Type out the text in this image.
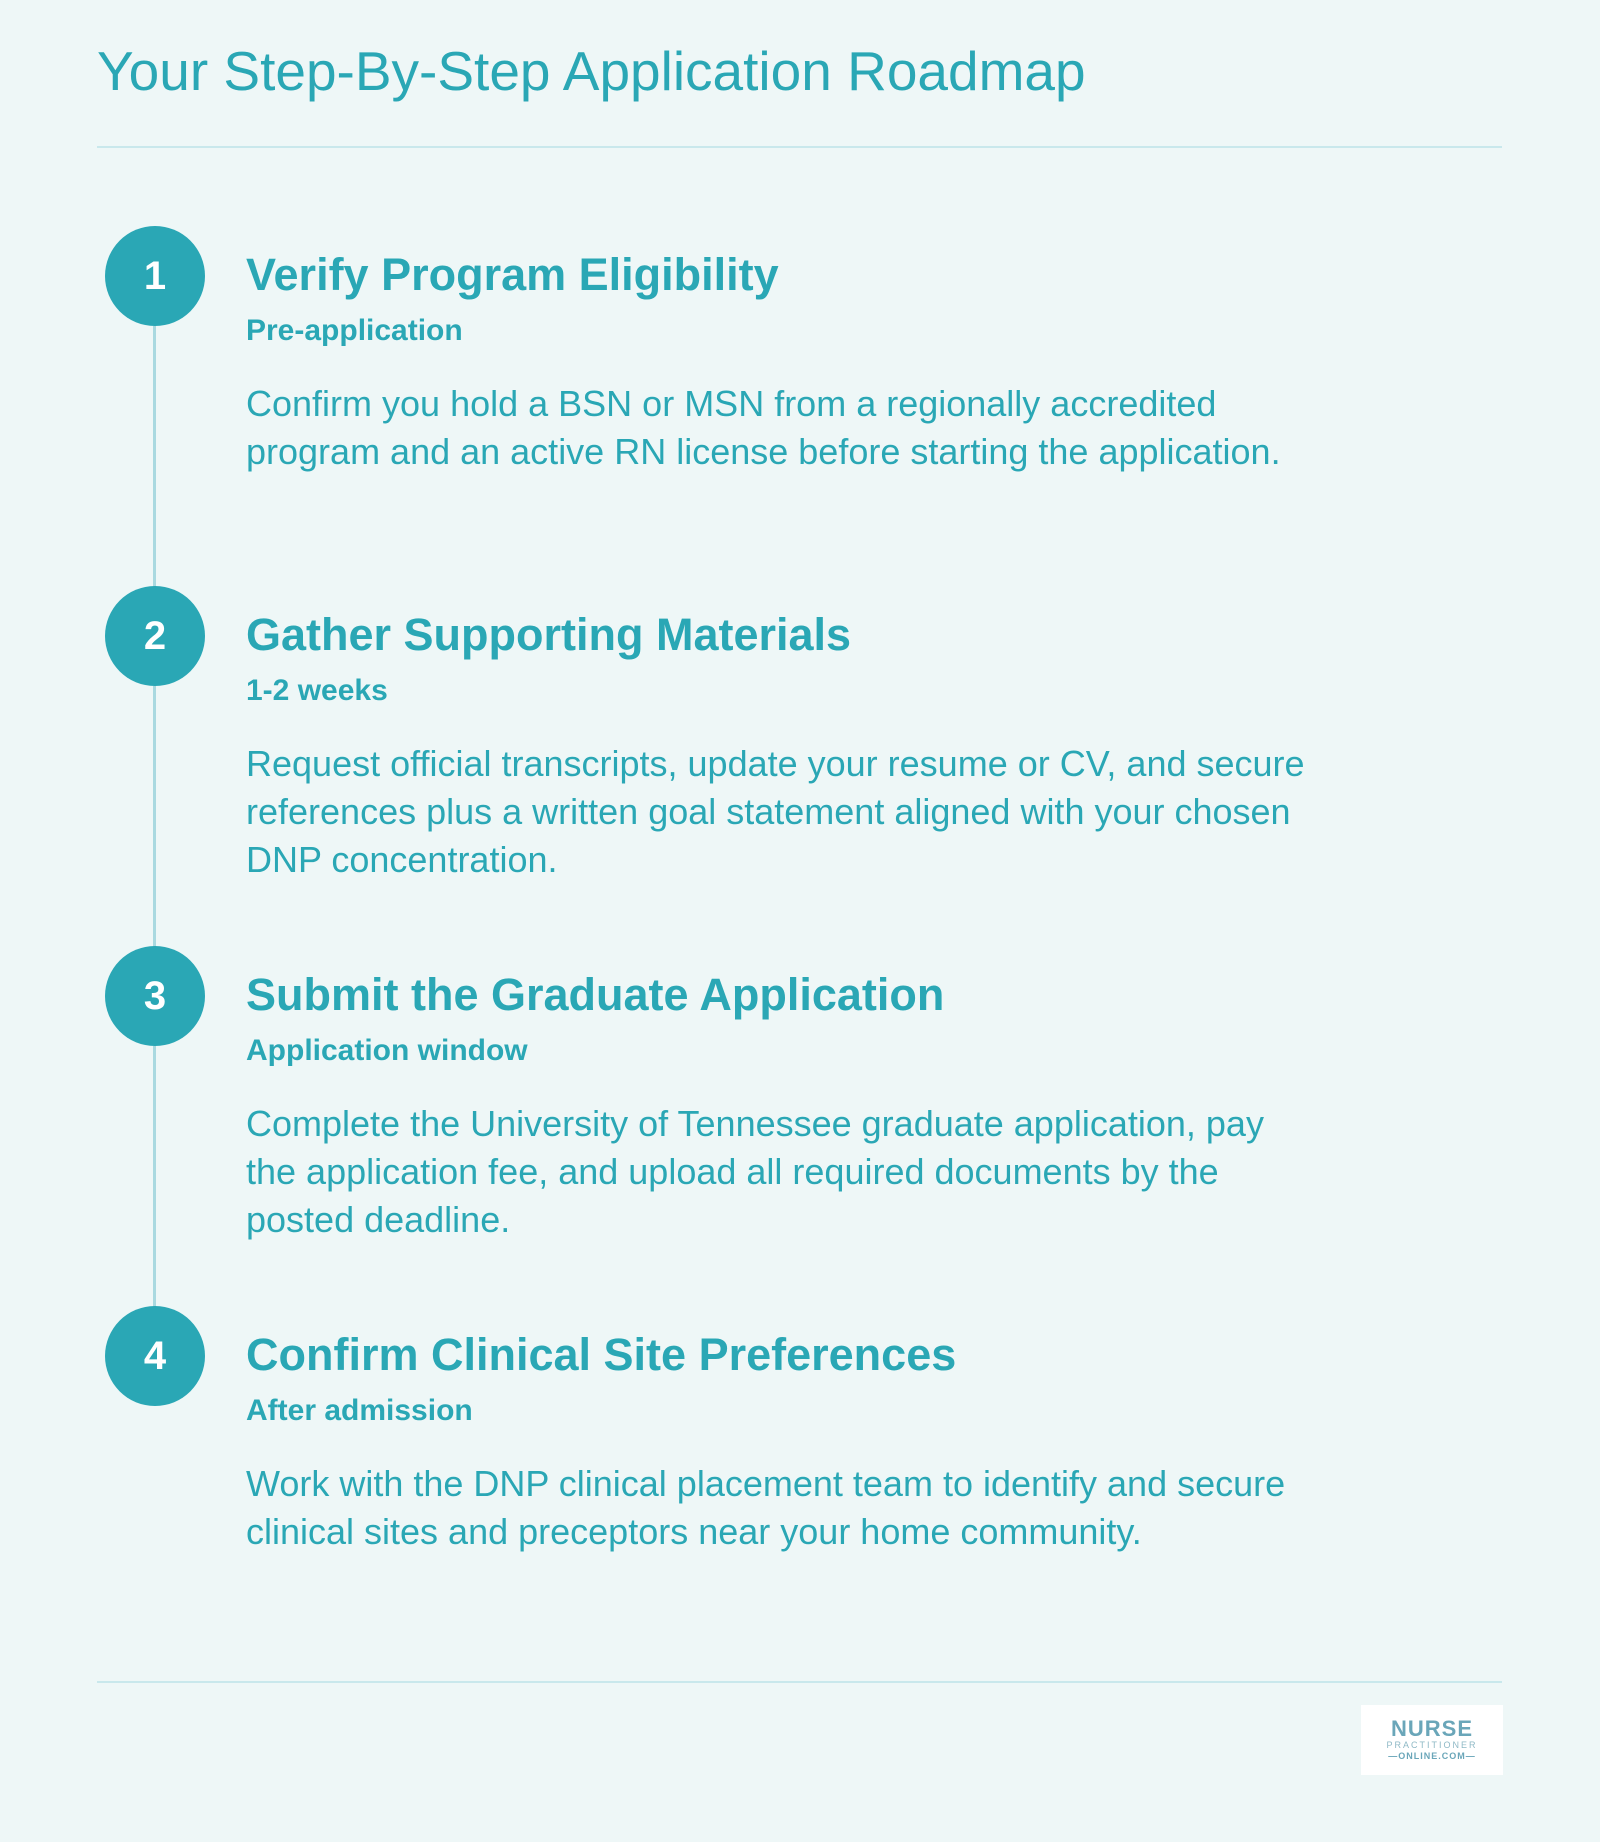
Your Step-By-Step Application Roadmap
1	Verify Program Eligibility
Pre-application

Confirm you hold a BSN or MSN from a regionally accredited program and an active RN license before starting the application.

2	Gather Supporting Materials
1-2 weeks

Request official transcripts, update your resume or CV, and secure references plus a written goal statement aligned with your chosen DNP concentration.

3	Submit the Graduate Application
Application window

Complete the University of Tennessee graduate application, pay the application fee, and upload all required documents by the posted deadline.

4	Confirm Clinical Site Preferences
After admission

Work with the DNP clinical placement team to identify and secure clinical sites and preceptors near your home community.

NURSE
PRACTITIONER
—ONLINE.COM—
